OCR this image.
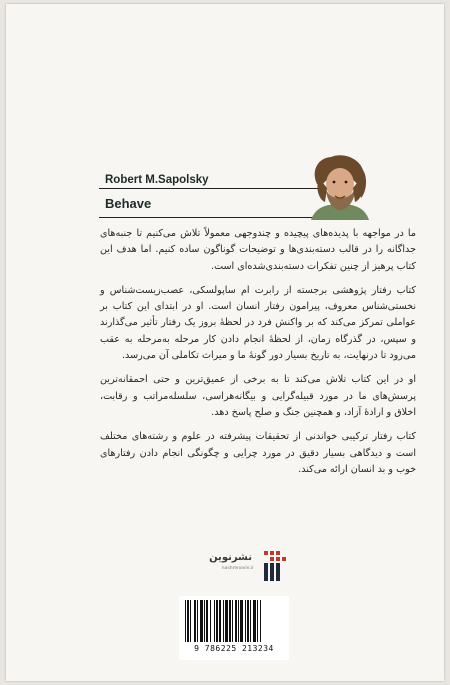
Robert M.Sapolsky
Behave

ما در مواجهه با پدیده‌های پیچیده و چندوجهی معمولاً تلاش می‌کنیم تا جنبه‌های جداگانه را در قالب دسته‌بندی‌ها و توضیحات گوناگون ساده کنیم. اما هدف این کتاب پرهیز از چنین تفکرات دسته‌بندی‌شده‌ای است.

کتاب رفتار پژوهشی برجسته از رابرت ام ساپولسکی، عصب‌زیست‌شناس و نخستی‌شناس معروف، پیرامون رفتار انسان است. او در ابتدای این کتاب بر عواملی تمرکز می‌کند که بر واکنش فرد در لحظهٔ بروز یک رفتار تأثیر می‌گذارند و سپس، در گذرگاه زمان، از لحظهٔ انجام دادن کار مرحله به‌مرحله به عقب می‌رود تا درنهایت، به تاریخ بسیار دور گونهٔ ما و میراث تکاملی آن می‌رسد.

او در این کتاب تلاش می‌کند تا به برخی از عمیق‌ترین و حتی احمقانه‌ترین پرسش‌های ما در مورد قبیله‌گرایی و بیگانه‌هراسی، سلسله‌مراتب و رقابت، اخلاق و ارادهٔ آزاد، و همچنین جنگ و صلح پاسخ دهد.

کتاب رفتار ترکیبی خواندنی از تحقیقات پیشرفته در علوم و رشته‌های مختلف است و دیدگاهی بسیار دقیق در مورد چرایی و چگونگی انجام دادن رفتارهای خوب و بد انسان ارائه می‌کند.

نشرنوین
nashrenovin.ir
9 786225 213234
